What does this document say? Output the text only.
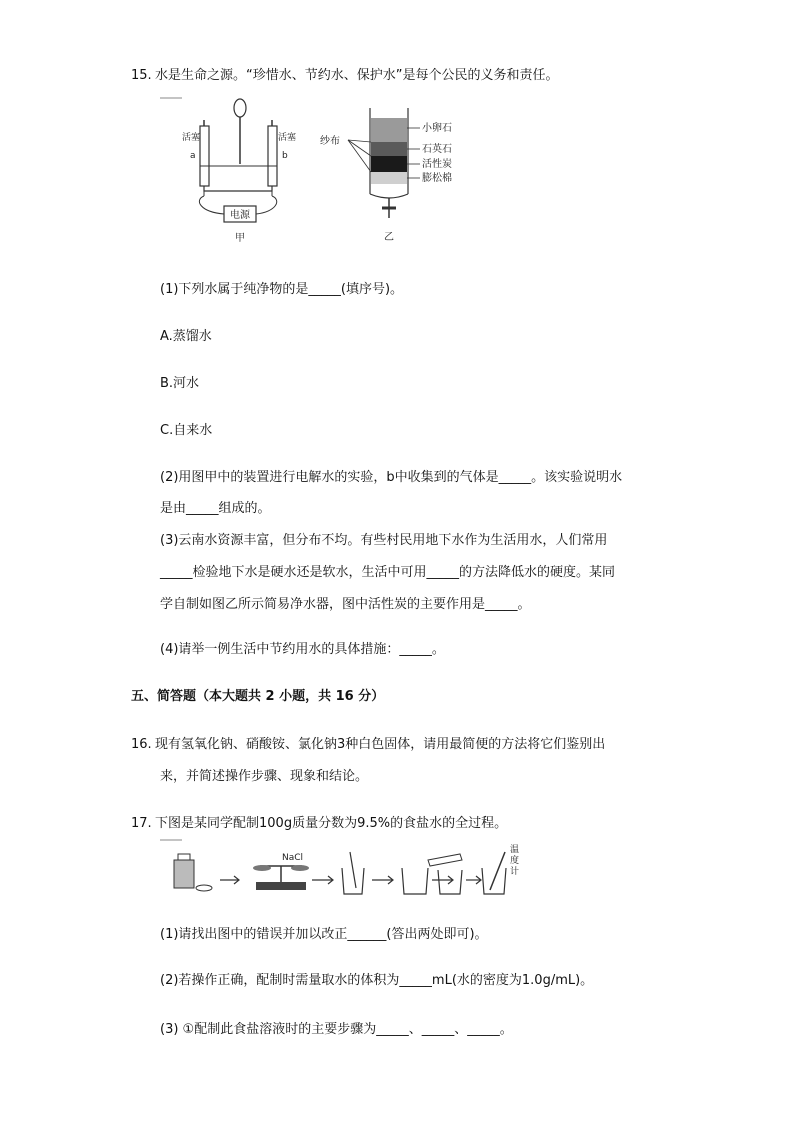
15. 水是生命之源。“珍惜水、节约水、保护水”是每个公民的义务和责任。
电源
活塞	活塞
a	b
甲
纱布
小卵石
石英石
活性炭
膨松棉
乙
(1)下列水属于纯净物的是_____(填序号)。
A.蒸馏水
B.河水
C.自来水
(2)用图甲中的装置进行电解水的实验，b中收集到的气体是_____。该实验说明水
是由_____组成的。
(3)云南水资源丰富，但分布不均。有些村民用地下水作为生活用水，人们常用
_____检验地下水是硬水还是软水，生活中可用_____的方法降低水的硬度。某同
学自制如图乙所示简易净水器，图中活性炭的主要作用是_____。
(4)请举一例生活中节约用水的具体措施：_____。
五、简答题（本大题共 2 小题，共 16 分）
16. 现有氢氧化钠、硝酸铵、氯化钠3种白色固体，请用最简便的方法将它们鉴别出
来，并简述操作步骤、现象和结论。
17. 下图是某同学配制100g质量分数为9.5%的食盐水的全过程。
NaCl
温度计
(1)请找出图中的错误并加以改正______(答出两处即可)。
(2)若操作正确，配制时需量取水的体积为_____mL(水的密度为1.0g/mL)。
(3) ①配制此食盐溶液时的主要步骤为_____、_____、_____。
